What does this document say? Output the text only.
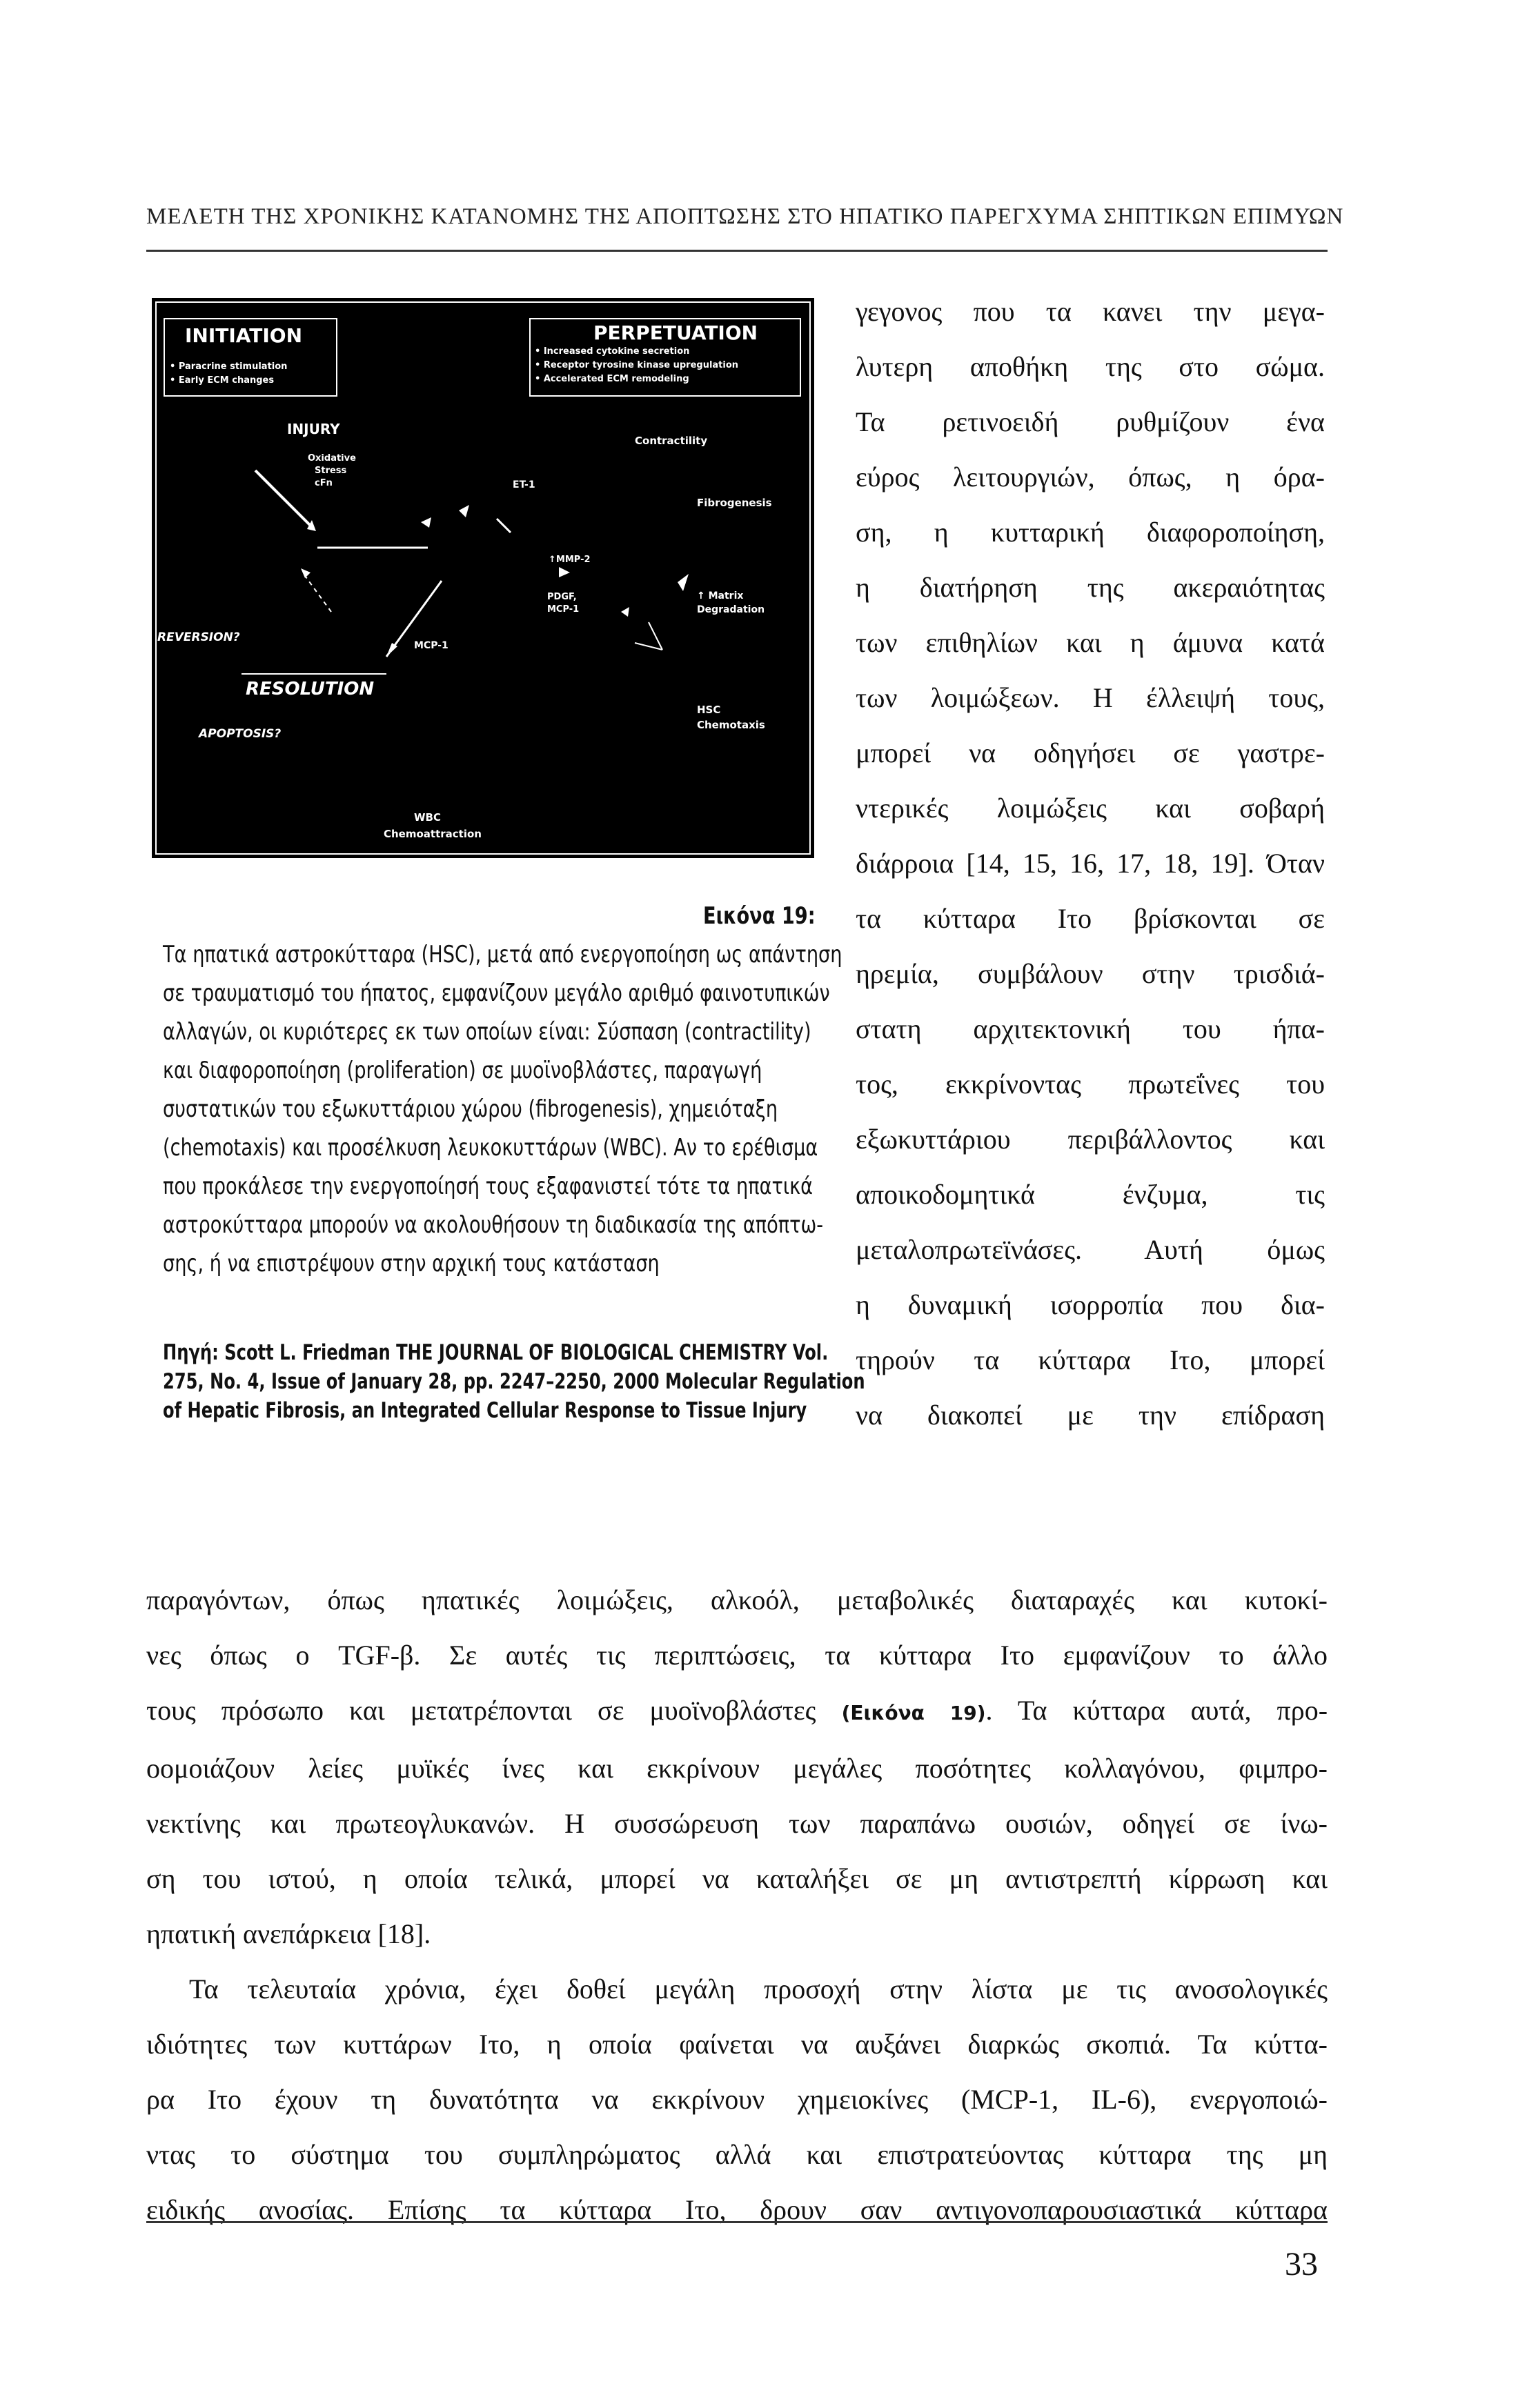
ΜΕΛΕΤΗ ΤΗΣ ΧΡΟΝΙΚΗΣ ΚΑΤΑΝΟΜΗΣ ΤΗΣ ΑΠΟΠΤΩΣΗΣ ΣΤΟ ΗΠΑΤΙΚΟ ΠΑΡΕΓΧΥΜΑ ΣΗΠΤΙΚΩΝ ΕΠΙΜΥΩΝ
INITIATION
• Paracrine stimulation
• Early ECM changes
PERPETUATION
• Increased cytokine secretion
• Receptor tyrosine kinase upregulation
• Accelerated ECM remodeling
INJURY
Oxidative
Stress
cFn	ET-1
Contractility
Fibrogenesis
↑MMP-2
PDGF,
MCP-1
↑ Matrix
Degradation
REVERSION?
MCP-1
RESOLUTION
APOPTOSIS?
HSC
Chemotaxis
WBC
Chemoattraction
Εικόνα 19:
Τα ηπατικά αστροκύτταρα (HSC), μετά από ενεργοποίηση ως απάντηση
σε τραυματισμό του ήπατος, εμφανίζουν μεγάλο αριθμό φαινοτυπικών
αλλαγών, οι κυριότερες εκ των οποίων είναι: Σύσπαση (contractility)
και διαφοροποίηση (proliferation) σε μυοϊνοβλάστες, παραγωγή
συστατικών του εξωκυττάριου χώρου (fibrogenesis), χημειόταξη
(chemotaxis) και προσέλκυση λευκοκυττάρων (WBC). Αν το ερέθισμα
που προκάλεσε την ενεργοποίησή τους εξαφανιστεί τότε τα ηπατικά
αστροκύτταρα μπορούν να ακολουθήσουν τη διαδικασία της απόπτω-
σης, ή να επιστρέψουν στην αρχική τους κατάσταση
Πηγή: Scott L. Friedman THE JOURNAL OF BIOLOGICAL CHEMISTRY Vol.
275, No. 4, Issue of January 28, pp. 2247–2250, 2000 Molecular Regulation
of Hepatic Fibrosis, an Integrated Cellular Response to Tissue Injury
γεγονος που τα κανει την μεγα-
λυτερη αποθήκη της στο σώμα.
Τα ρετινοειδή ρυθμίζουν ένα
εύρος λειτουργιών, όπως, η όρα-
ση, η κυτταρική διαφοροποίηση,
η διατήρηση της ακεραιότητας
των επιθηλίων και η άμυνα κατά
των λοιμώξεων. Η έλλειψή τους,
μπορεί να οδηγήσει σε γαστρε-
ντερικές λοιμώξεις και σοβαρή
διάρροια [14, 15, 16, 17, 18, 19]. Όταν
τα κύτταρα Ιτο βρίσκονται σε
ηρεμία, συμβάλουν στην τρισδιά-
στατη αρχιτεκτονική του ήπα-
τος, εκκρίνοντας πρωτεΐνες του
εξωκυττάριου περιβάλλοντος και
αποικοδομητικά ένζυμα, τις
μεταλοπρωτεϊνάσες. Αυτή όμως
η δυναμική ισορροπία που δια-
τηρούν τα κύτταρα Ιτο, μπορεί
να διακοπεί με την επίδραση
παραγόντων, όπως ηπατικές λοιμώξεις, αλκοόλ, μεταβολικές διαταραχές και κυτοκί-
νες όπως ο TGF-β. Σε αυτές τις περιπτώσεις, τα κύτταρα Ιτο εμφανίζουν το άλλο
τους πρόσωπο και μετατρέπονται σε μυοϊνοβλάστες (Εικόνα 19). Τα κύτταρα αυτά, προ-
οομοιάζουν λείες μυϊκές ίνες και εκκρίνουν μεγάλες ποσότητες κολλαγόνου, φιμπρο-
νεκτίνης και πρωτεογλυκανών. Η συσσώρευση των παραπάνω ουσιών, οδηγεί σε ίνω-
ση του ιστού, η οποία τελικά, μπορεί να καταλήξει σε μη αντιστρεπτή κίρρωση και
ηπατική ανεπάρκεια [18].
Τα τελευταία χρόνια, έχει δοθεί μεγάλη προσοχή στην λίστα με τις ανοσολογικές
ιδιότητες των κυττάρων Ιτο, η οποία φαίνεται να αυξάνει διαρκώς σκοπιά. Τα κύττα-
ρα Ιτο έχουν τη δυνατότητα να εκκρίνουν χημειοκίνες (MCP-1, IL-6), ενεργοποιώ-
ντας το σύστημα του συμπληρώματος αλλά και επιστρατεύοντας κύτταρα της μη
ειδικής ανοσίας. Επίσης τα κύτταρα Ιτο, δρουν σαν αντιγονοπαρουσιαστικά κύτταρα
33
